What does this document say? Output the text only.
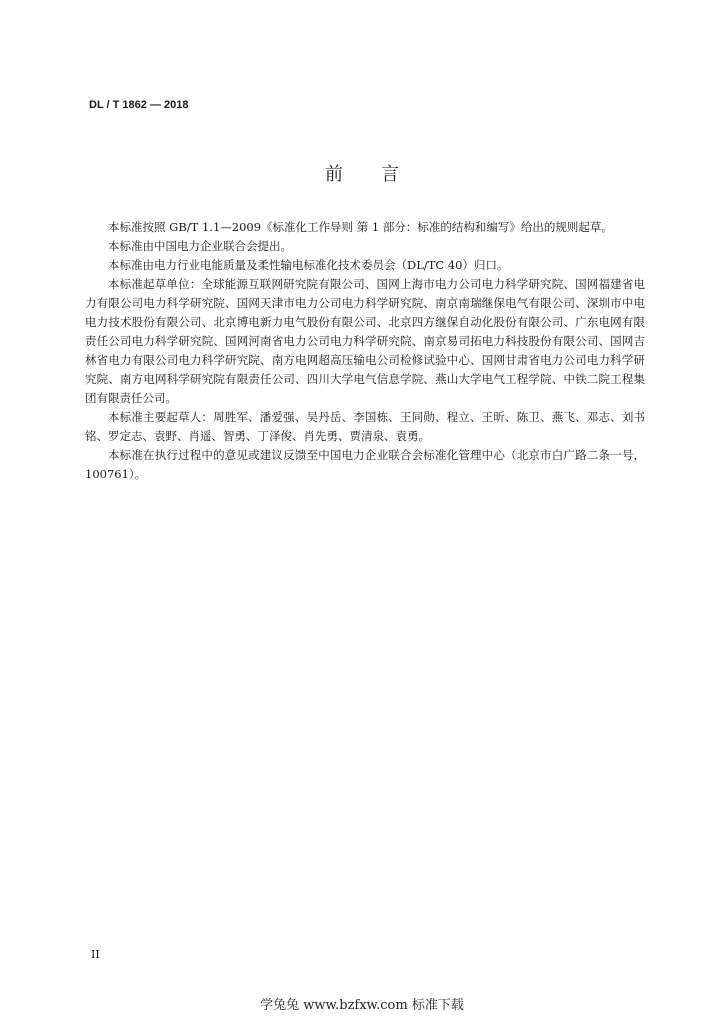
DL / T 1862 — 2018
前言

本标准按照 GB/T 1.1—2009《标准化工作导则 第 1 部分：标准的结构和编写》给出的规则起草。

本标准由中国电力企业联合会提出。

本标准由电力行业电能质量及柔性输电标准化技术委员会（DL/TC 40）归口。

本标准起草单位：全球能源互联网研究院有限公司、国网上海市电力公司电力科学研究院、国网福建省电力有限公司电力科学研究院、国网天津市电力公司电力科学研究院、南京南瑞继保电气有限公司、深圳市中电电力技术股份有限公司、北京博电新力电气股份有限公司、北京四方继保自动化股份有限公司、广东电网有限责任公司电力科学研究院、国网河南省电力公司电力科学研究院、南京易司拓电力科技股份有限公司、国网吉林省电力有限公司电力科学研究院、南方电网超高压输电公司检修试验中心、国网甘肃省电力公司电力科学研究院、南方电网科学研究院有限责任公司、四川大学电气信息学院、燕山大学电气工程学院、中铁二院工程集团有限责任公司。

本标准主要起草人：周胜军、潘爱强、吴丹岳、李国栋、王同勋、程立、王昕、陈卫、燕飞、邓志、刘书铭、罗定志、袁野、肖遥、智勇、丁泽俊、肖先勇、贾清泉、袁勇。

本标准在执行过程中的意见或建议反馈至中国电力企业联合会标准化管理中心（北京市白广路二条一号，100761）。

II
学兔兔 www.bzfxw.com 标准下载
